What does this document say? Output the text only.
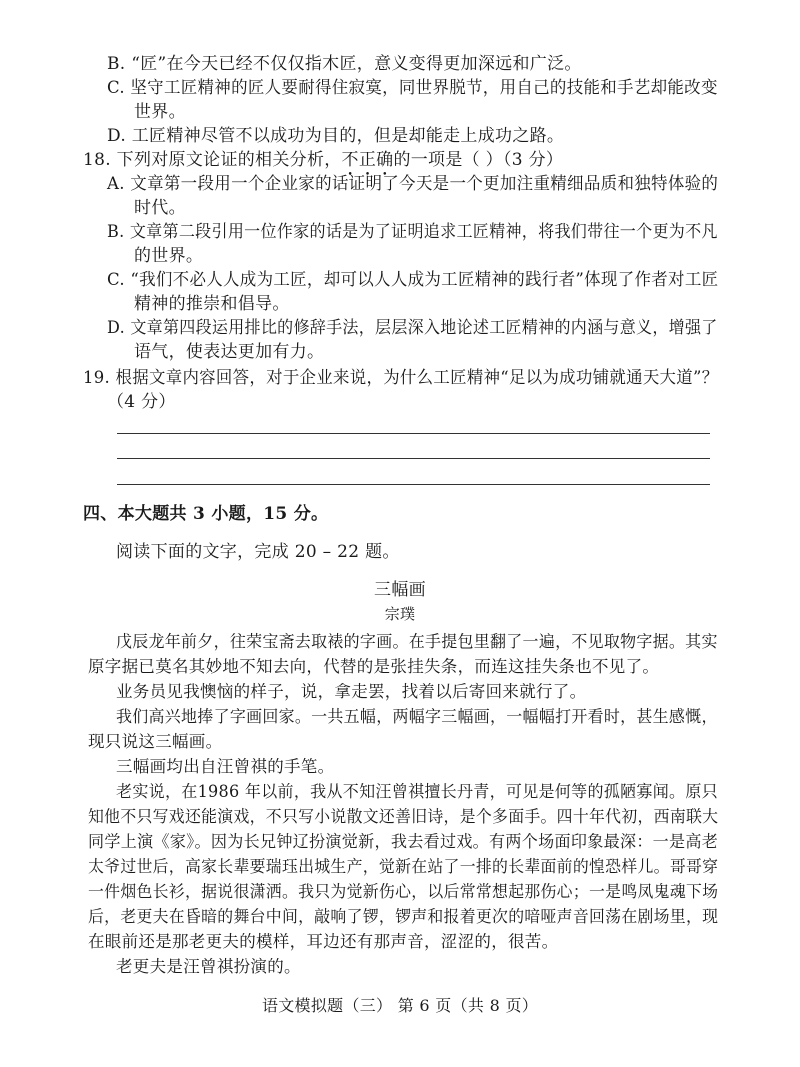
B. “匠”在今天已经不仅仅指木匠，意义变得更加深远和广泛。
C. 坚守工匠精神的匠人要耐得住寂寞，同世界脱节，用自己的技能和手艺却能改变
世界。
D. 工匠精神尽管不以成功为目的，但是却能走上成功之路。
18. 下列对原文论证的相关分析，不正确的一项是（ ）（3 分）
A. 文章第一段用一个企业家的话证明了今天是一个更加注重精细品质和独特体验的
时代。
B. 文章第二段引用一位作家的话是为了证明追求工匠精神，将我们带往一个更为不凡
的世界。
C. “我们不必人人成为工匠，却可以人人成为工匠精神的践行者”体现了作者对工匠
精神的推崇和倡导。
D. 文章第四段运用排比的修辞手法，层层深入地论述工匠精神的内涵与意义，增强了
语气，使表达更加有力。
19. 根据文章内容回答，对于企业来说，为什么工匠精神“足以为成功铺就通天大道”？
（4 分）
四、本大题共 3 小题，15 分。
阅读下面的文字，完成 20 – 22 题。
三幅画
宗璞
戊辰龙年前夕，往荣宝斋去取裱的字画。在手提包里翻了一遍，不见取物字据。其实
原字据已莫名其妙地不知去向，代替的是张挂失条，而连这挂失条也不见了。
业务员见我懊恼的样子，说，拿走罢，找着以后寄回来就行了。
我们高兴地捧了字画回家。一共五幅，两幅字三幅画，一幅幅打开看时，甚生感慨，
现只说这三幅画。
三幅画均出自汪曾祺的手笔。
老实说，在1986 年以前，我从不知汪曾祺擅长丹青，可见是何等的孤陋寡闻。原只
知他不只写戏还能演戏，不只写小说散文还善旧诗，是个多面手。四十年代初，西南联大
同学上演《家》。因为长兄钟辽扮演觉新，我去看过戏。有两个场面印象最深：一是高老
太爷过世后，高家长辈要瑞珏出城生产，觉新在站了一排的长辈面前的惶恐样儿。哥哥穿
一件烟色长衫，据说很潇洒。我只为觉新伤心，以后常常想起那伤心；一是鸣凤鬼魂下场
后，老更夫在昏暗的舞台中间，敲响了锣，锣声和报着更次的喑哑声音回荡在剧场里，现
在眼前还是那老更夫的模样，耳边还有那声音，涩涩的，很苦。
老更夫是汪曾祺扮演的。
语文模拟题（三） 第 6 页（共 8 页）
